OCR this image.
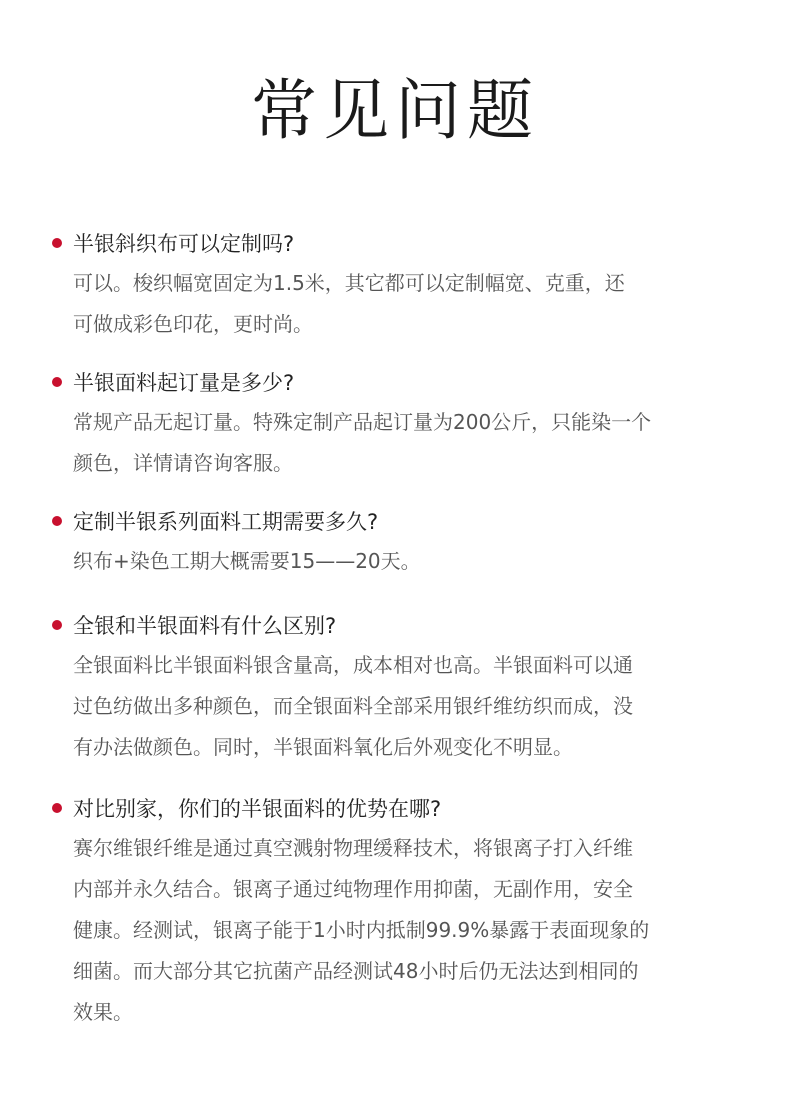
常见问题
半银斜织布可以定制吗?
可以。梭织幅宽固定为1.5米，其它都可以定制幅宽、克重，还
可做成彩色印花，更时尚。
半银面料起订量是多少?
常规产品无起订量。特殊定制产品起订量为200公斤，只能染一个
颜色，详情请咨询客服。
定制半银系列面料工期需要多久?
织布+染色工期大概需要15——20天。
全银和半银面料有什么区别?
全银面料比半银面料银含量高，成本相对也高。半银面料可以通
过色纺做出多种颜色，而全银面料全部采用银纤维纺织而成，没
有办法做颜色。同时，半银面料氧化后外观变化不明显。
对比别家，你们的半银面料的优势在哪?
赛尔维银纤维是通过真空溅射物理缓释技术，将银离子打入纤维
内部并永久结合。银离子通过纯物理作用抑菌，无副作用，安全
健康。经测试，银离子能于1小时内抵制99.9%暴露于表面现象的
细菌。而大部分其它抗菌产品经测试48小时后仍无法达到相同的
效果。
